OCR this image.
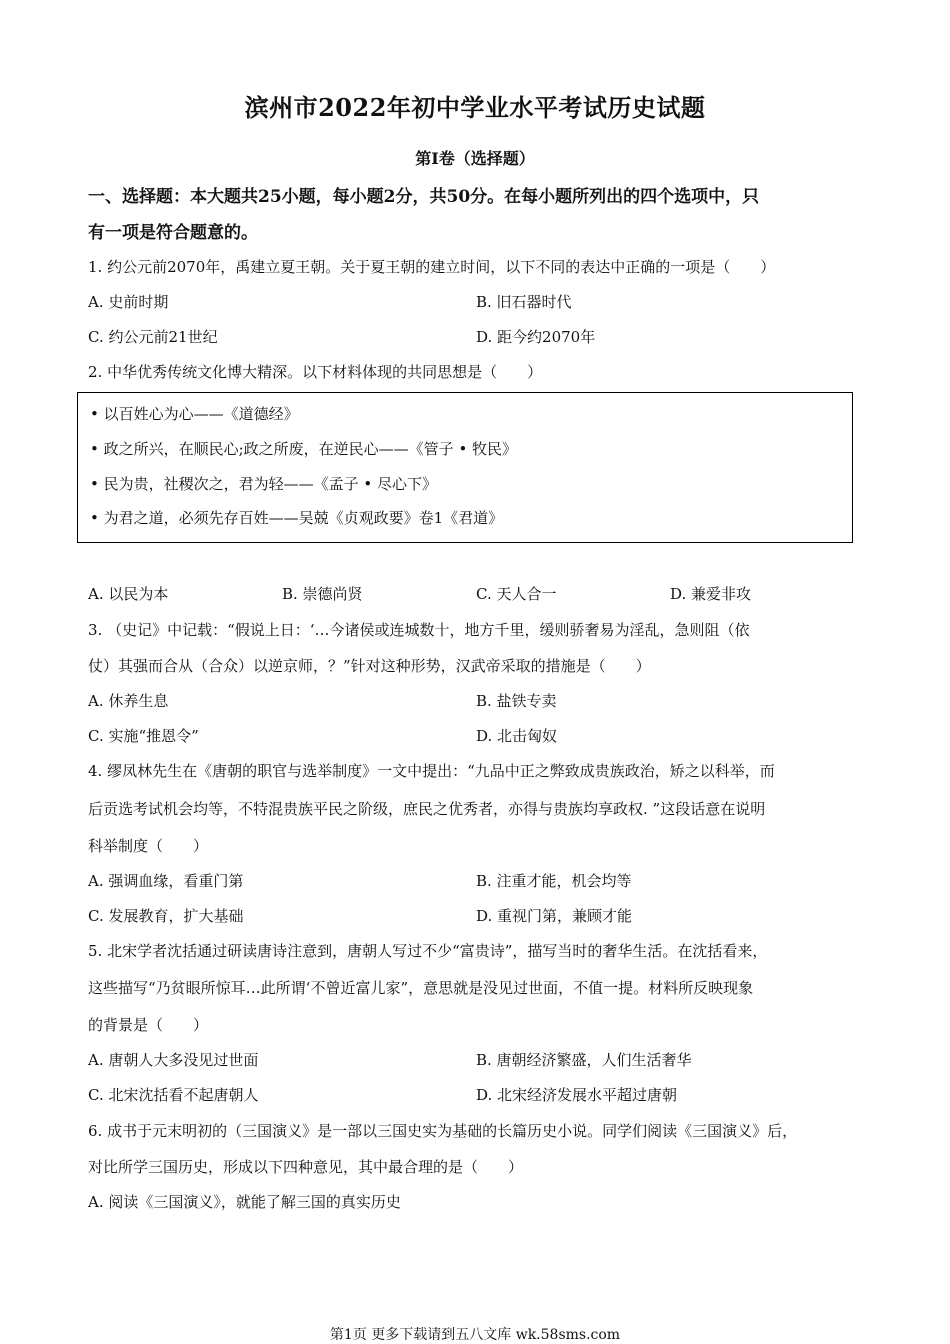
滨州市2022年初中学业水平考试历史试题
第I卷（选择题）
一、选择题：本大题共25小题，每小题2分，共50分。在每小题所列出的四个选项中，只
有一项是符合题意的。
1. 约公元前2070年，禹建立夏王朝。关于夏王朝的建立时间，以下不同的表达中正确的一项是（　　）
A. 史前时期	B. 旧石器时代
C. 约公元前21世纪	D. 距今约2070年
2. 中华优秀传统文化博大精深。以下材料体现的共同思想是（　　）
• 以百姓心为心——《道德经》
• 政之所兴，在顺民心;政之所废，在逆民心——《管子 • 牧民》
• 民为贵，社稷次之，君为轻——《孟子 • 尽心下》
• 为君之道，必须先存百姓——吴兢《贞观政要》卷1《君道》
A. 以民为本	B. 崇德尚贤	C. 天人合一	D. 兼爱非攻
3. （史记》中记载：“假说上日：‘…今诸侯或连城数十，地方千里，缓则骄奢易为淫乱，急则阻（依
仗）其强而合从（合众）以逆京师，？”针对这种形势，汉武帝采取的措施是（　　）
A. 休养生息	B. 盐铁专卖
C. 实施“推恩令”	D. 北击匈奴
4. 缪凤林先生在《唐朝的职官与选举制度》一文中提出：“九品中正之弊致成贵族政治，矫之以科举，而
后贡选考试机会均等，不特混贵族平民之阶级，庶民之优秀者，亦得与贵族均享政权. ”这段话意在说明
科举制度（　　）
A. 强调血缘，看重门第	B. 注重才能，机会均等
C. 发展教育，扩大基础	D. 重视门第，兼顾才能
5. 北宋学者沈括通过研读唐诗注意到，唐朝人写过不少“富贵诗”，描写当时的奢华生活。在沈括看来，
这些描写“乃贫眼所惊耳…此所谓‘不曾近富儿家”，意思就是没见过世面，不值一提。材料所反映现象
的背景是（　　）
A. 唐朝人大多没见过世面	B. 唐朝经济繁盛，人们生活奢华
C. 北宋沈括看不起唐朝人	D. 北宋经济发展水平超过唐朝
6. 成书于元末明初的（三国演义》是一部以三国史实为基础的长篇历史小说。同学们阅读《三国演义》后，
对比所学三国历史，形成以下四种意见，其中最合理的是（　　）
A. 阅读《三国演义》，就能了解三国的真实历史
第1页 更多下载请到五八文库 wk.58sms.com
